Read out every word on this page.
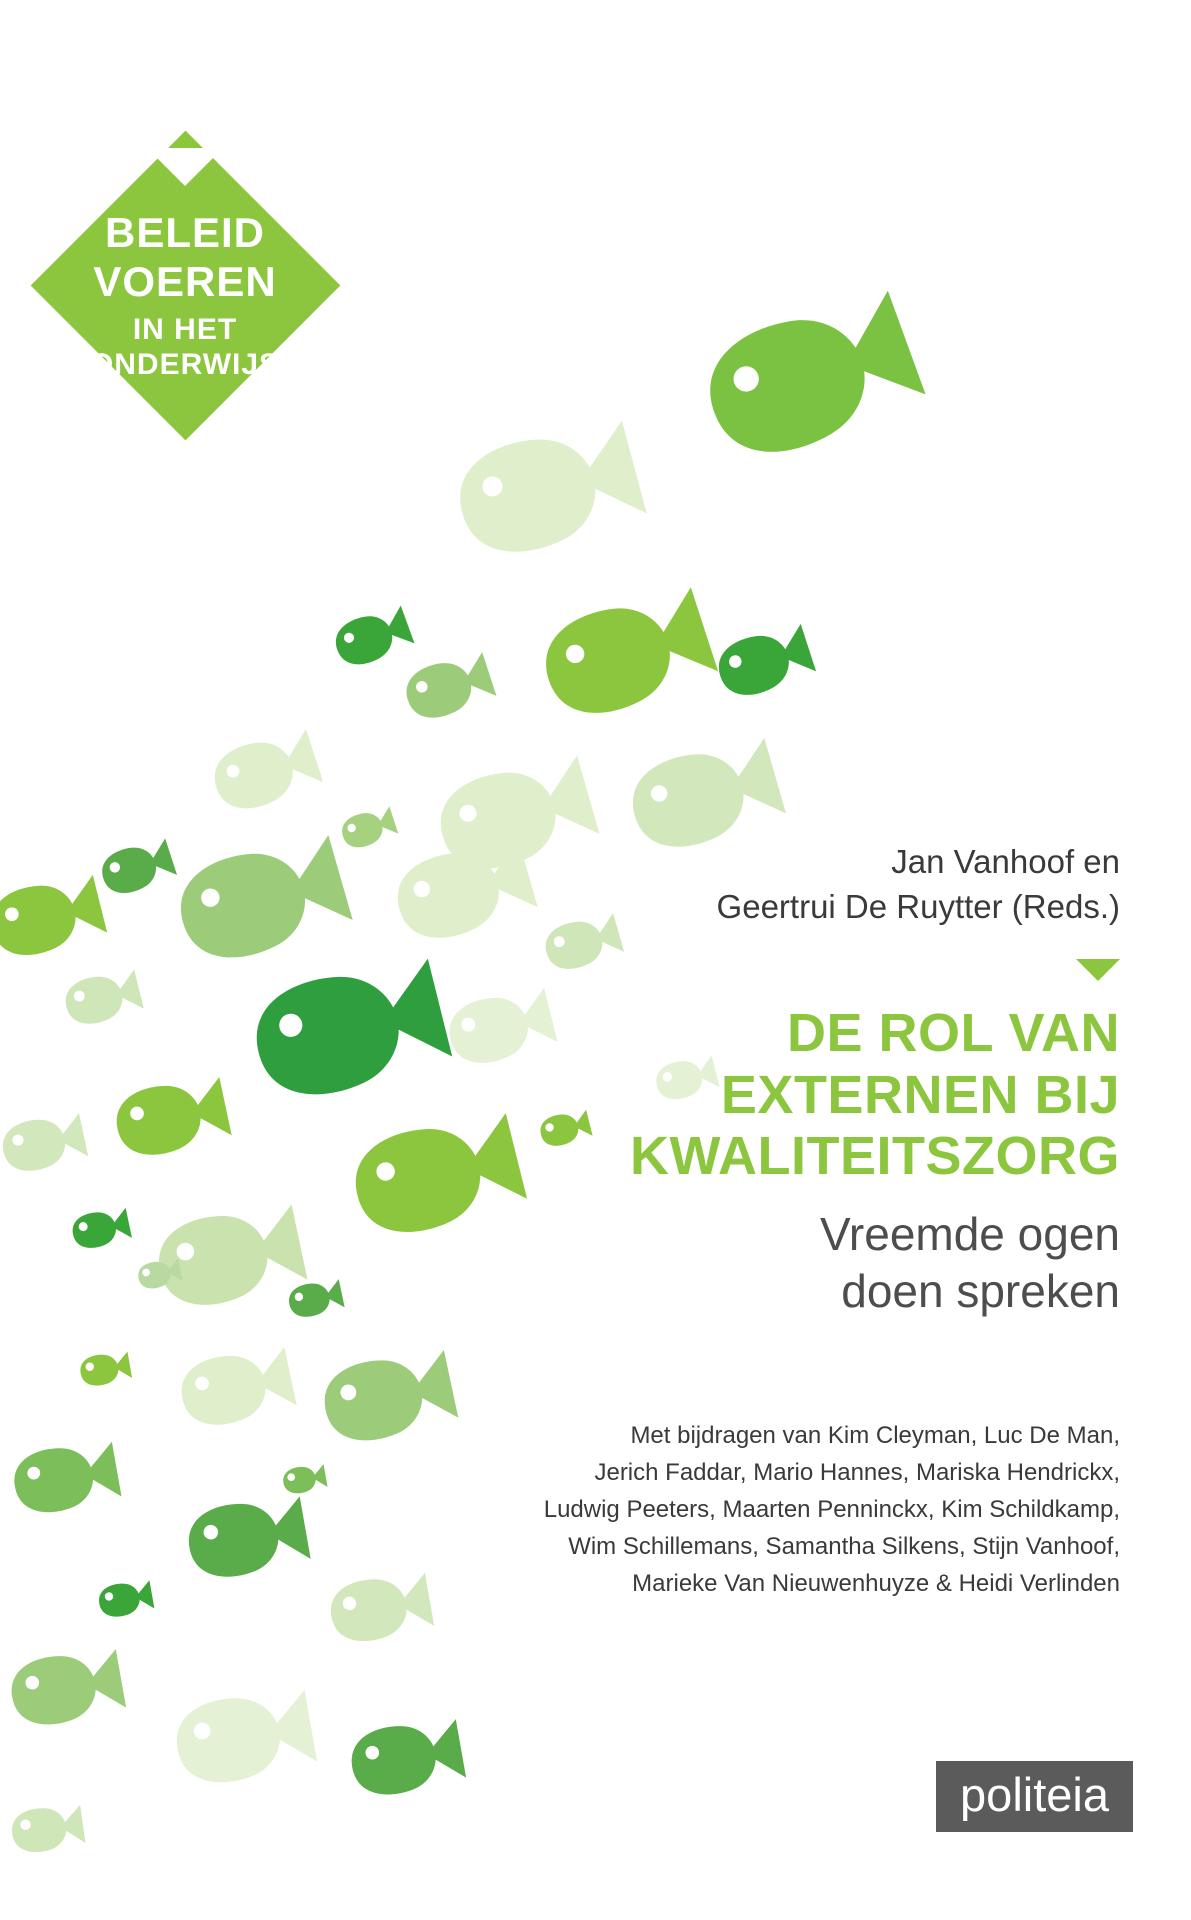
BELEID
VOEREN
IN HET
ONDERWIJS
Jan Vanhoof en
Geertrui De Ruytter (Reds.)
DE ROL VAN
EXTERNEN BIJ
KWALITEITSZORG
Vreemde ogen
doen spreken
Met bijdragen van Kim Cleyman, Luc De Man,
Jerich Faddar, Mario Hannes, Mariska Hendrickx,
Ludwig Peeters, Maarten Penninckx, Kim Schildkamp,
Wim Schillemans, Samantha Silkens, Stijn Vanhoof,
Marieke Van Nieuwenhuyze & Heidi Verlinden
politeia
